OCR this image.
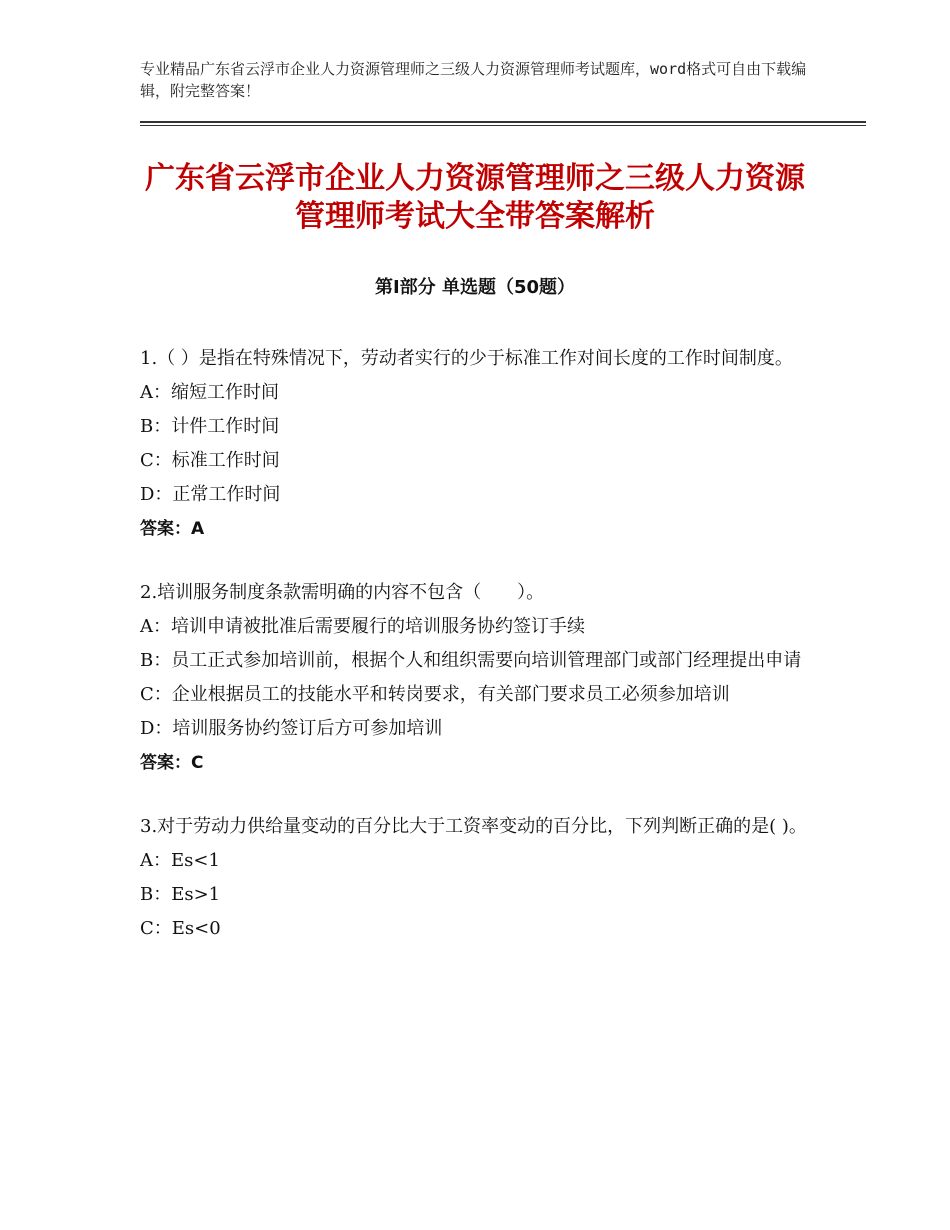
专业精品广东省云浮市企业人力资源管理师之三级人力资源管理师考试题库，word格式可自由下载编辑，附完整答案！
广东省云浮市企业人力资源管理师之三级人力资源管理师考试大全带答案解析
第Ⅰ部分 单选题（50题）

1.（ ）是指在特殊情况下，劳动者实行的少于标准工作对间长度的工作时间制度。

A：缩短工作时间

B：计件工作时间

C：标准工作时间

D：正常工作时间

答案：A

2.培训服务制度条款需明确的内容不包含（　　）。

A：培训申请被批准后需要履行的培训服务协约签订手续

B：员工正式参加培训前，根据个人和组织需要向培训管理部门或部门经理提出申请

C：企业根据员工的技能水平和转岗要求，有关部门要求员工必须参加培训

D：培训服务协约签订后方可参加培训

答案：C

3.对于劳动力供给量变动的百分比大于工资率变动的百分比，下列判断正确的是( )。

A：Es<1

B：Es>1

C：Es<0
